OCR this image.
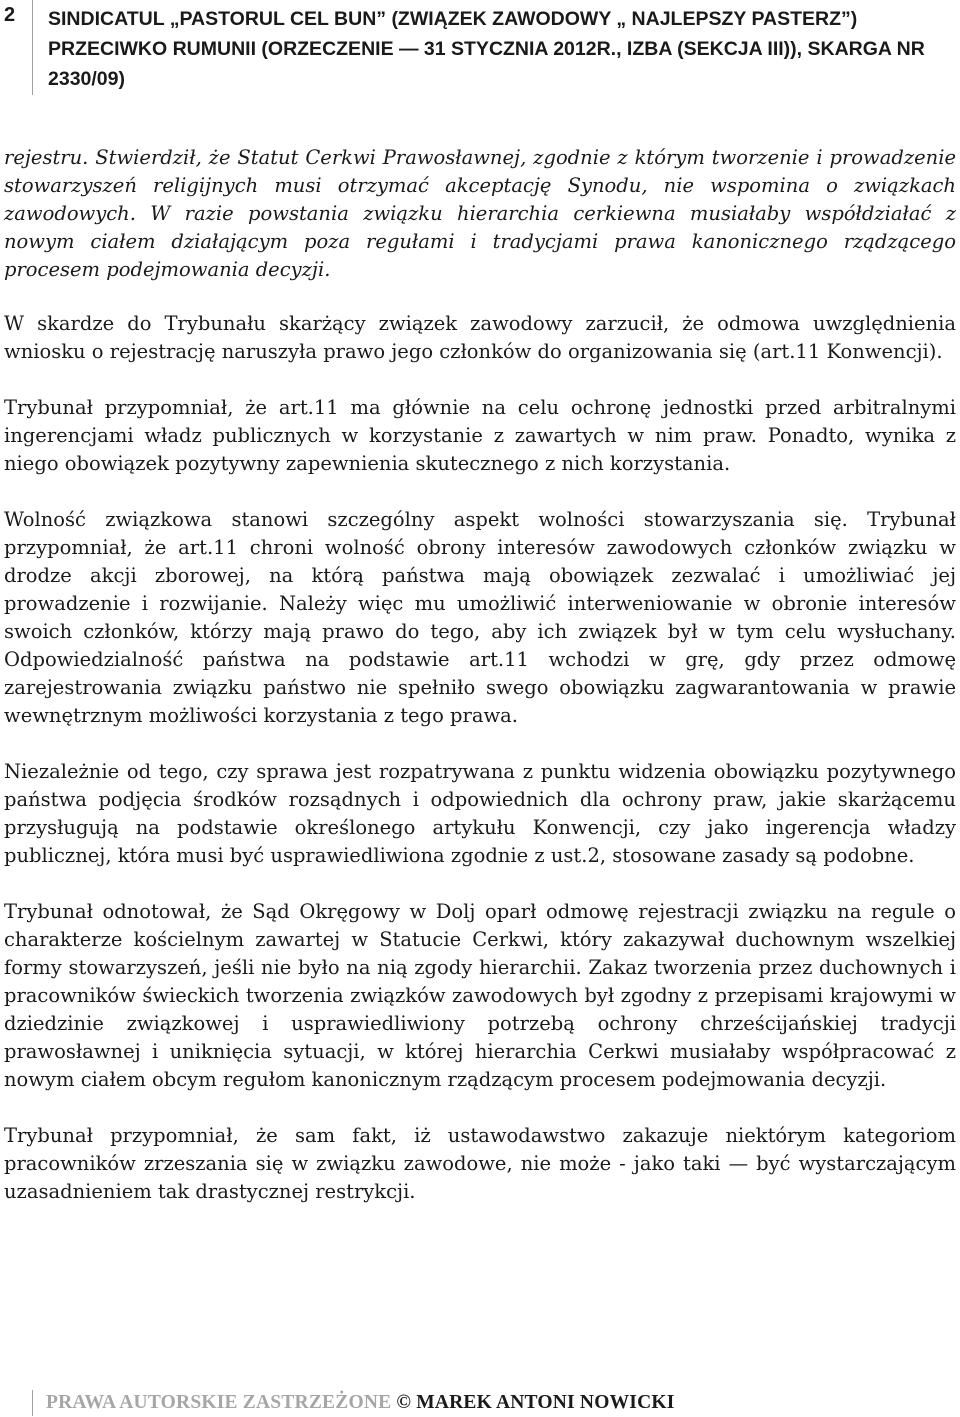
2 SINDICATUL „PASTORUL CEL BUN” (ZWIĄZEK ZAWODOWY „ NAJLEPSZY PASTERZ”) PRZECIWKO RUMUNII (ORZECZENIE — 31 STYCZNIA 2012R., IZBA (SEKCJA III)), SKARGA NR 2330/09)

rejestru. Stwierdził, że Statut Cerkwi Prawosławnej, zgodnie z którym tworzenie i prowadzenie stowarzyszeń religijnych musi otrzymać akceptację Synodu, nie wspomina o związkach zawodowych. W razie powstania związku hierarchia cerkiewna musiałaby współdziałać z nowym ciałem działającym poza regułami i tradycjami prawa kanonicznego rządzącego procesem podejmowania decyzji.

W skardze do Trybunału skarżący związek zawodowy zarzucił, że odmowa uwzględnienia wniosku o rejestrację naruszyła prawo jego członków do organizowania się (art.11 Konwencji).

Trybunał przypomniał, że art.11 ma głównie na celu ochronę jednostki przed arbitralnymi ingerencjami władz publicznych w korzystanie z zawartych w nim praw. Ponadto, wynika z niego obowiązek pozytywny zapewnienia skutecznego z nich korzystania.

Wolność związkowa stanowi szczególny aspekt wolności stowarzyszania się. Trybunał przypomniał, że art.11 chroni wolność obrony interesów zawodowych członków związku w drodze akcji zborowej, na którą państwa mają obowiązek zezwalać i umożliwiać jej prowadzenie i rozwijanie. Należy więc mu umożliwić interweniowanie w obronie interesów swoich członków, którzy mają prawo do tego, aby ich związek był w tym celu wysłuchany. Odpowiedzialność państwa na podstawie art.11 wchodzi w grę, gdy przez odmowę zarejestrowania związku państwo nie spełniło swego obowiązku zagwarantowania w prawie wewnętrznym możliwości korzystania z tego prawa.

Niezależnie od tego, czy sprawa jest rozpatrywana z punktu widzenia obowiązku pozytywnego państwa podjęcia środków rozsądnych i odpowiednich dla ochrony praw, jakie skarżącemu przysługują na podstawie określonego artykułu Konwencji, czy jako ingerencja władzy publicznej, która musi być usprawiedliwiona zgodnie z ust.2, stosowane zasady są podobne.

Trybunał odnotował, że Sąd Okręgowy w Dolj oparł odmowę rejestracji związku na regule o charakterze kościelnym zawartej w Statucie Cerkwi, który zakazywał duchownym wszelkiej formy stowarzyszeń, jeśli nie było na nią zgody hierarchii. Zakaz tworzenia przez duchownych i pracowników świeckich tworzenia związków zawodowych był zgodny z przepisami krajowymi w dziedzinie związkowej i usprawiedliwiony potrzebą ochrony chrześcijańskiej tradycji prawosławnej i uniknięcia sytuacji, w której hierarchia Cerkwi musiałaby współpracować z nowym ciałem obcym regułom kanonicznym rządzącym procesem podejmowania decyzji.

Trybunał przypomniał, że sam fakt, iż ustawodawstwo zakazuje niektórym kategoriom pracowników zrzeszania się w związku zawodowe, nie może - jako taki — być wystarczającym uzasadnieniem tak drastycznej restrykcji.

PRAWA AUTORSKIE ZASTRZEŻONE © MAREK ANTONI NOWICKI
